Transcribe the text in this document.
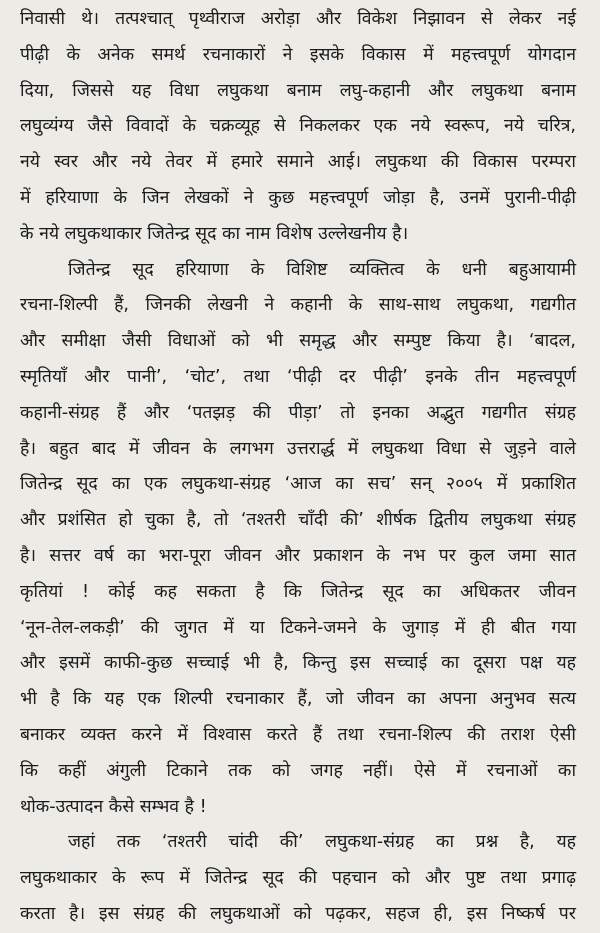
निवासी थे। तत्पश्चात् पृथ्वीराज अरोड़ा और विकेश निझावन से लेकर नई
पीढ़ी के अनेक समर्थ रचनाकारों ने इसके विकास में महत्त्वपूर्ण योगदान
दिया, जिससे यह विधा लघुकथा बनाम लघु-कहानी और लघुकथा बनाम
लघुव्यंग्य जैसे विवादों के चक्रव्यूह से निकलकर एक नये स्वरूप, नये चरित्र,
नये स्वर और नये तेवर में हमारे समाने आई। लघुकथा की विकास परम्परा
में हरियाणा के जिन लेखकों ने कुछ महत्त्वपूर्ण जोड़ा है, उनमें पुरानी-पीढ़ी
के नये लघुकथाकार जितेन्द्र सूद का नाम विशेष उल्लेखनीय है।
जितेन्द्र सूद हरियाणा के विशिष्ट व्यक्तित्व के धनी बहुआयामी
रचना-शिल्पी हैं, जिनकी लेखनी ने कहानी के साथ-साथ लघुकथा, गद्यगीत
और समीक्षा जैसी विधाओं को भी समृद्ध और सम्पुष्ट किया है। ‘बादल,
स्मृतियाँ और पानी’, ‘चोट’, तथा ‘पीढ़ी दर पीढ़ी’ इनके तीन महत्त्वपूर्ण
कहानी-संग्रह हैं और ‘पतझड़ की पीड़ा’ तो इनका अद्भुत गद्यगीत संग्रह
है। बहुत बाद में जीवन के लगभग उत्तरार्द्ध में लघुकथा विधा से जुड़ने वाले
जितेन्द्र सूद का एक लघुकथा-संग्रह ‘आज का सच’ सन् २००५ में प्रकाशित
और प्रशंसित हो चुका है, तो ‘तश्तरी चाँदी की’ शीर्षक द्वितीय लघुकथा संग्रह
है। सत्तर वर्ष का भरा-पूरा जीवन और प्रकाशन के नभ पर कुल जमा सात
कृतियां ! कोई कह सकता है कि जितेन्द्र सूद का अधिकतर जीवन
‘नून-तेल-लकड़ी’ की जुगत में या टिकने-जमने के जुगाड़ में ही बीत गया
और इसमें काफी-कुछ सच्चाई भी है, किन्तु इस सच्चाई का दूसरा पक्ष यह
भी है कि यह एक शिल्पी रचनाकार हैं, जो जीवन का अपना अनुभव सत्य
बनाकर व्यक्त करने में विश्वास करते हैं तथा रचना-शिल्प की तराश ऐसी
कि कहीं अंगुली टिकाने तक को जगह नहीं। ऐसे में रचनाओं का
थोक-उत्पादन कैसे सम्भव है !
जहां तक ‘तश्तरी चांदी की’ लघुकथा-संग्रह का प्रश्न है, यह
लघुकथाकार के रूप में जितेन्द्र सूद की पहचान को और पुष्ट तथा प्रगाढ़
करता है। इस संग्रह की लघुकथाओं को पढ़कर, सहज ही, इस निष्कर्ष पर
